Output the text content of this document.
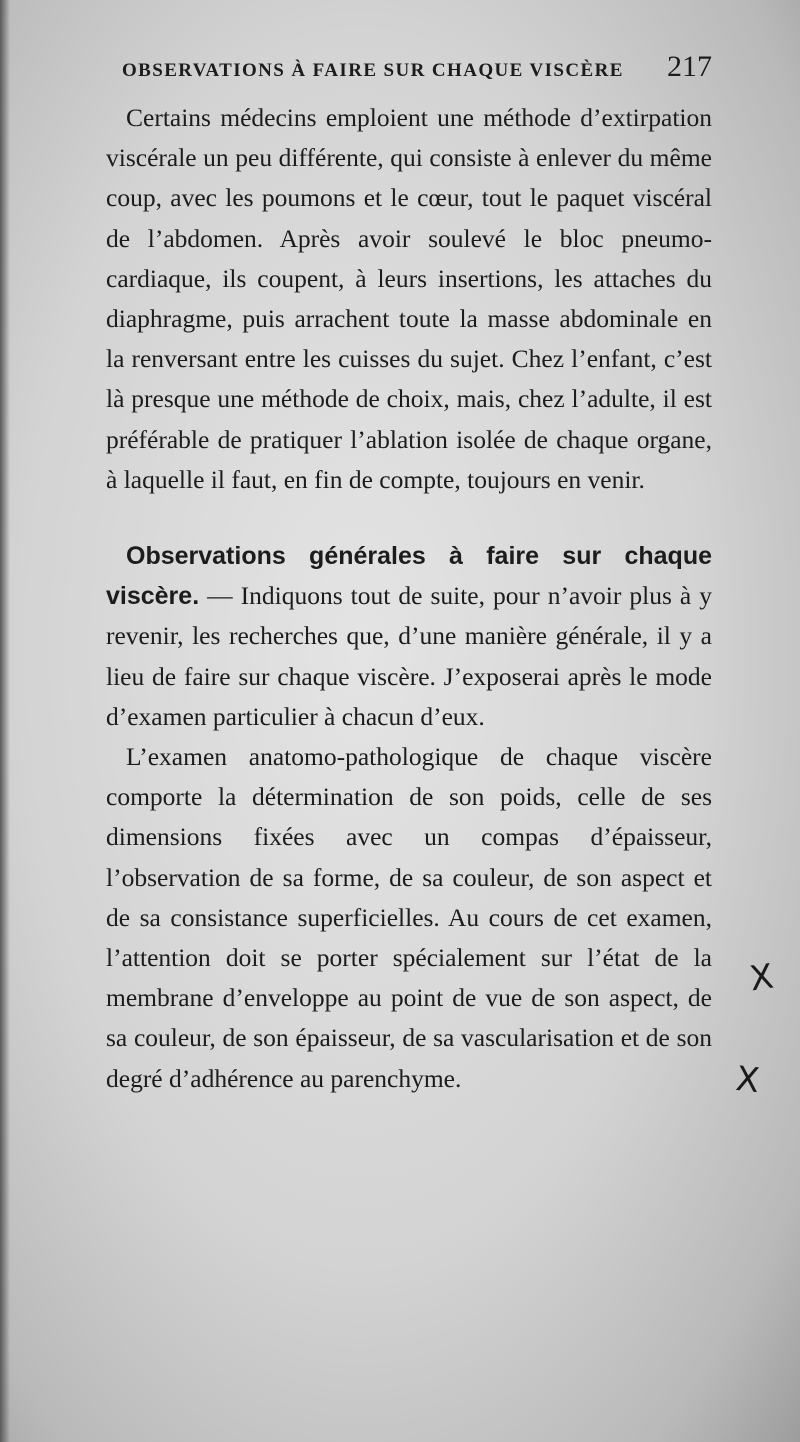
OBSERVATIONS À FAIRE SUR CHAQUE VISCÈRE 217

Certains médecins emploient une méthode d’extirpation viscérale un peu différente, qui consiste à enlever du même coup, avec les poumons et le cœur, tout le paquet viscéral de l’abdomen. Après avoir soulevé le bloc pneumo-cardiaque, ils coupent, à leurs insertions, les attaches du diaphragme, puis arrachent toute la masse abdominale en la renversant entre les cuisses du sujet. Chez l’enfant, c’est là presque une méthode de choix, mais, chez l’adulte, il est préférable de pratiquer l’ablation isolée de chaque organe, à laquelle il faut, en fin de compte, toujours en venir.

Observations générales à faire sur chaque viscère. — Indiquons tout de suite, pour n’avoir plus à y revenir, les recherches que, d’une manière générale, il y a lieu de faire sur chaque viscère. J’exposerai après le mode d’examen particulier à chacun d’eux.

L’examen anatomo-pathologique de chaque viscère comporte la détermination de son poids, celle de ses dimensions fixées avec un compas d’épaisseur, l’observation de sa forme, de sa couleur, de son aspect et de sa consistance superficielles. Au cours de cet examen, l’attention doit se porter spécialement sur l’état de la membrane d’enveloppe au point de vue de son aspect, de sa couleur, de son épaisseur, de sa vascularisation et de son degré d’adhérence au parenchyme.

X
X
